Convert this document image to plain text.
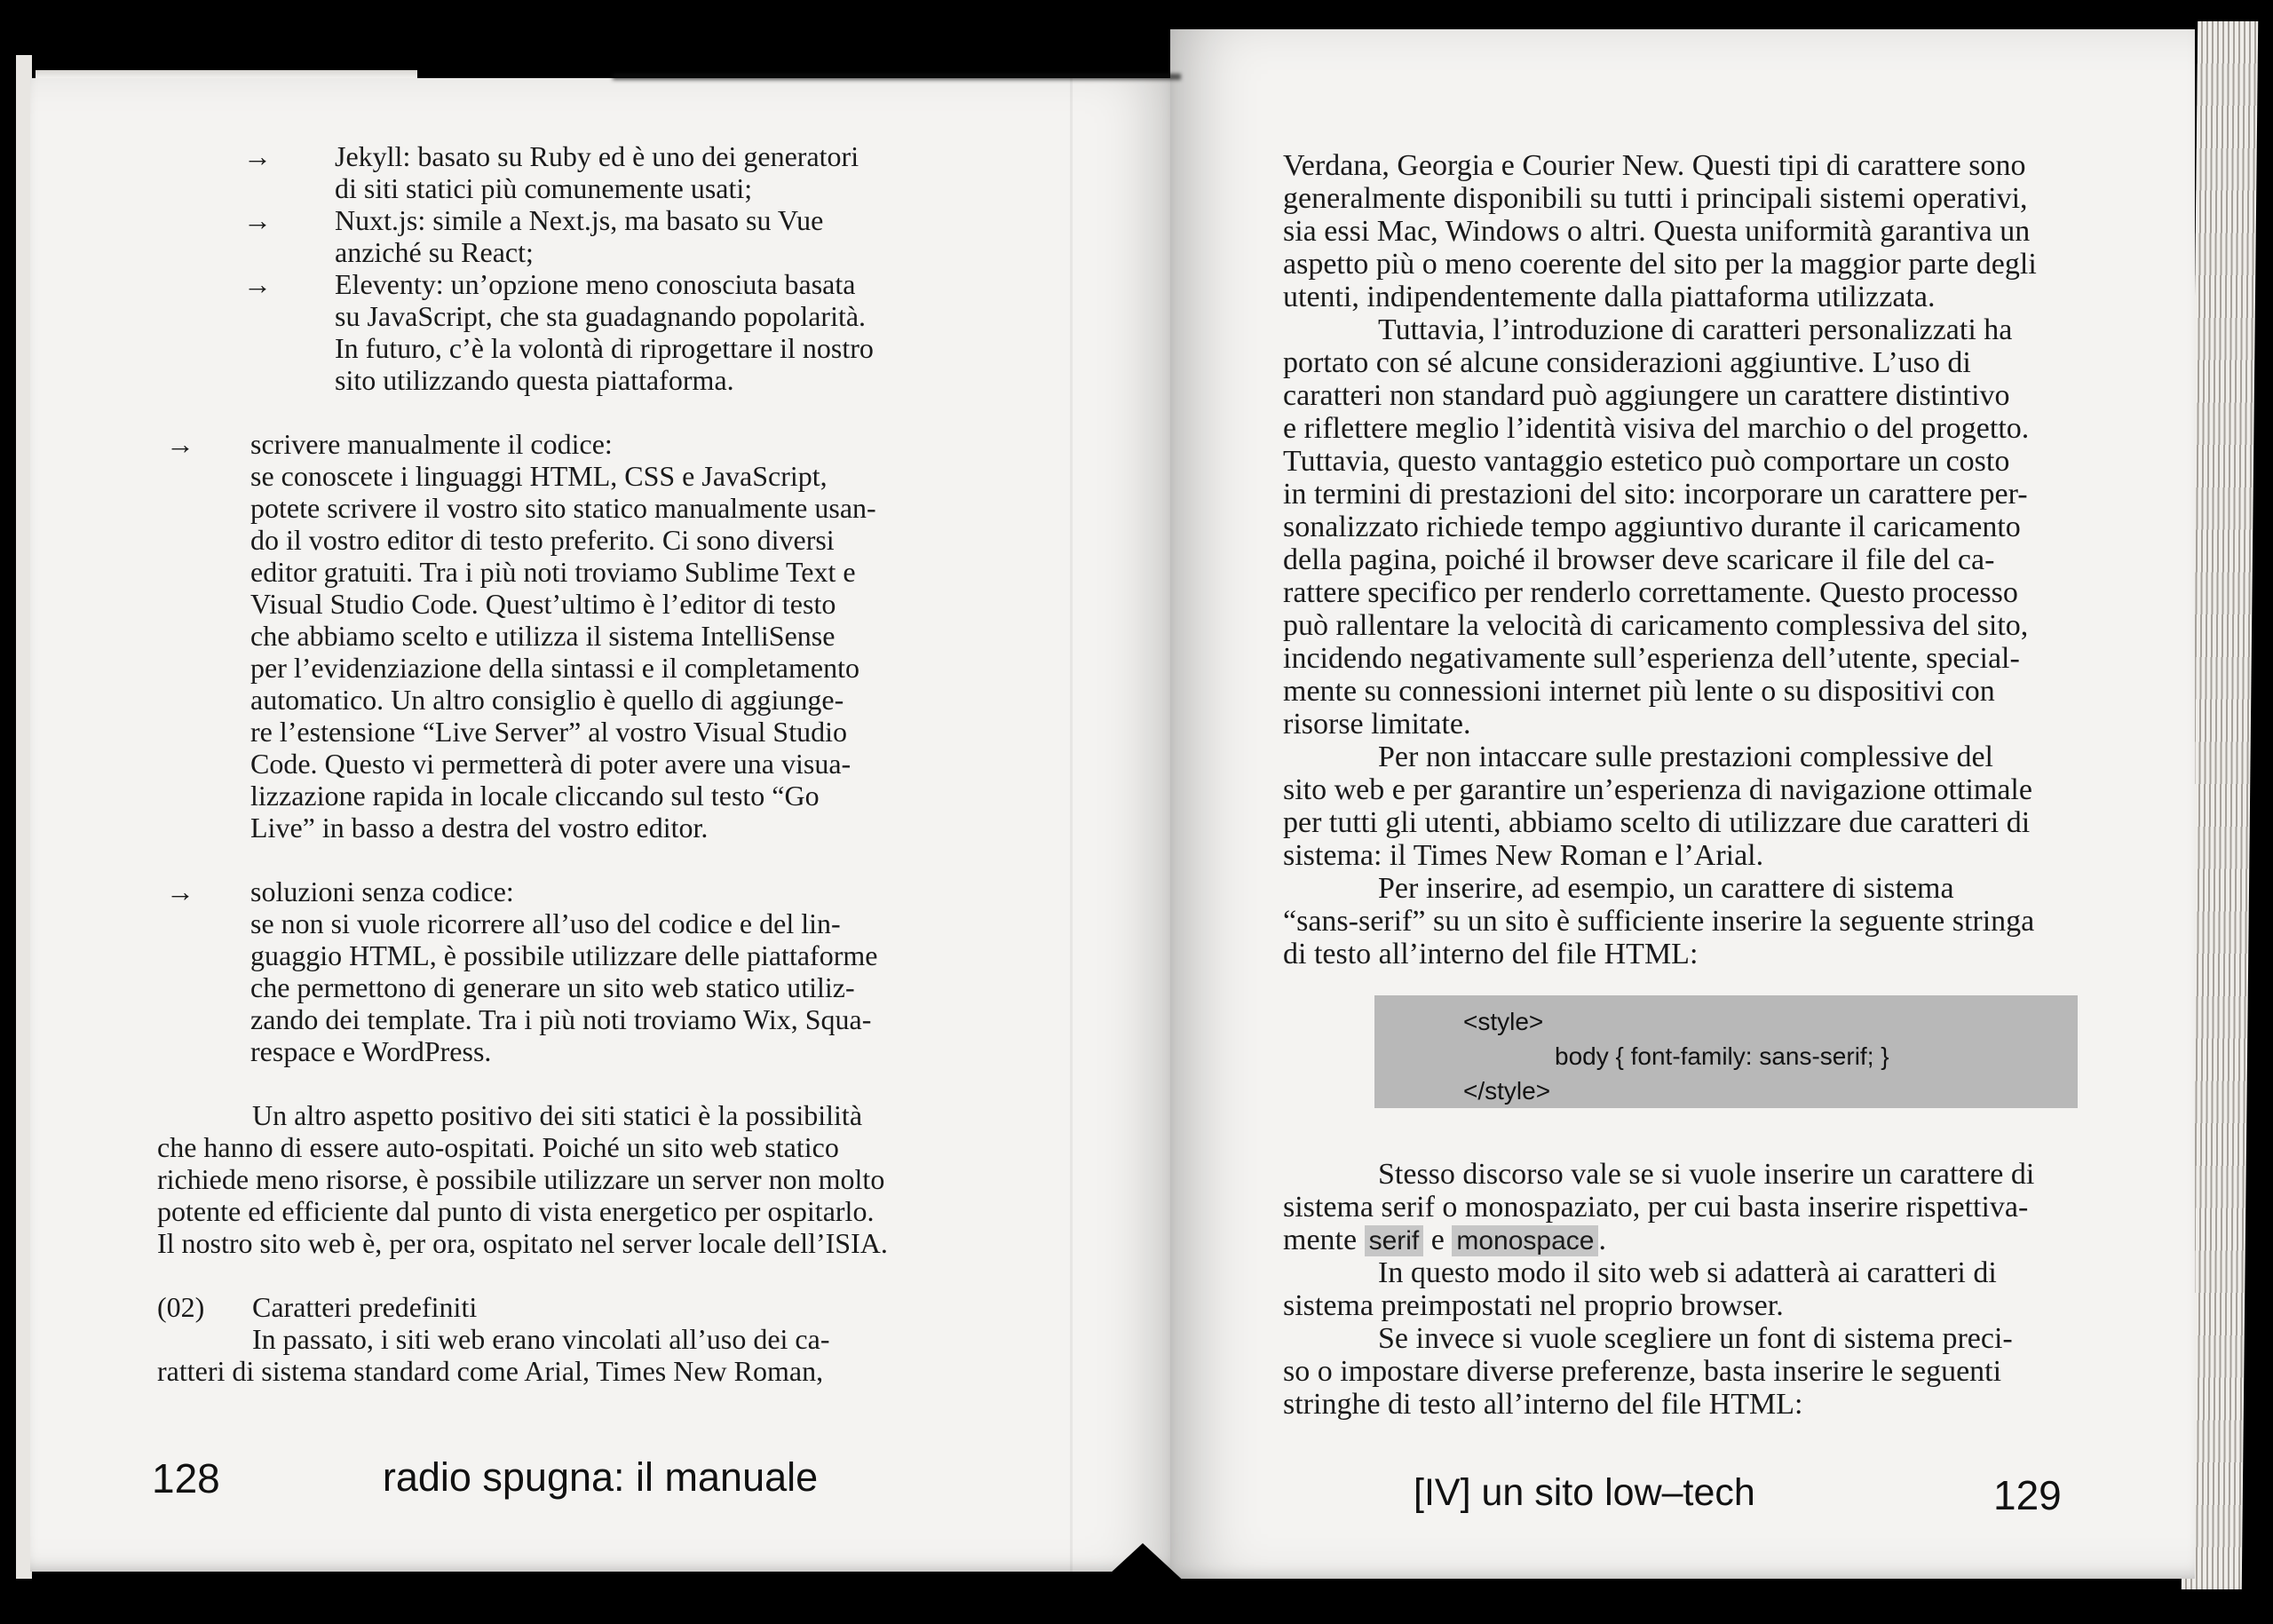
→	Jekyll: basato su Ruby ed è uno dei generatori
di siti statici più comunemente usati;
→	Nuxt.js: simile a Next.js, ma basato su Vue
anziché su React;
→	Eleventy: un’opzione meno conosciuta basata
su JavaScript, che sta guadagnando popolarità.
In futuro, c’è la volontà di riprogettare il nostro
sito utilizzando questa piattaforma.
→	scrivere manualmente il codice:
se conoscete i linguaggi HTML, CSS e JavaScript,
potete scrivere il vostro sito statico manualmente usan-
do il vostro editor di testo preferito. Ci sono diversi
editor gratuiti. Tra i più noti troviamo Sublime Text e
Visual Studio Code. Quest’ultimo è l’editor di testo
che abbiamo scelto e utilizza il sistema IntelliSense
per l’evidenziazione della sintassi e il completamento
automatico. Un altro consiglio è quello di aggiunge-
re l’estensione “Live Server” al vostro Visual Studio
Code. Questo vi permetterà di poter avere una visua-
lizzazione rapida in locale cliccando sul testo “Go
Live” in basso a destra del vostro editor.
→	soluzioni senza codice:
se non si vuole ricorrere all’uso del codice e del lin-
guaggio HTML, è possibile utilizzare delle piattaforme
che permettono di generare un sito web statico utiliz-
zando dei template. Tra i più noti troviamo Wix, Squa-
respace e WordPress.
Un altro aspetto positivo dei siti statici è la possibilità
che hanno di essere auto-ospitati. Poiché un sito web statico
richiede meno risorse, è possibile utilizzare un server non molto
potente ed efficiente dal punto di vista energetico per ospitarlo.
Il nostro sito web è, per ora, ospitato nel server locale dell’ISIA.
(02)	Caratteri predefiniti
In passato, i siti web erano vincolati all’uso dei ca-
ratteri di sistema standard come Arial, Times New Roman,
128	radio spugna: il manuale
Verdana, Georgia e Courier New. Questi tipi di carattere sono
generalmente disponibili su tutti i principali sistemi operativi,
sia essi Mac, Windows o altri. Questa uniformità garantiva un
aspetto più o meno coerente del sito per la maggior parte degli
utenti, indipendentemente dalla piattaforma utilizzata.
Tuttavia, l’introduzione di caratteri personalizzati ha
portato con sé alcune considerazioni aggiuntive. L’uso di
caratteri non standard può aggiungere un carattere distintivo
e riflettere meglio l’identità visiva del marchio o del progetto.
Tuttavia, questo vantaggio estetico può comportare un costo
in termini di prestazioni del sito: incorporare un carattere per-
sonalizzato richiede tempo aggiuntivo durante il caricamento
della pagina, poiché il browser deve scaricare il file del ca-
rattere specifico per renderlo correttamente. Questo processo
può rallentare la velocità di caricamento complessiva del sito,
incidendo negativamente sull’esperienza dell’utente, special-
mente su connessioni internet più lente o su dispositivi con
risorse limitate.
Per non intaccare sulle prestazioni complessive del
sito web e per garantire un’esperienza di navigazione ottimale
per tutti gli utenti, abbiamo scelto di utilizzare due caratteri di
sistema: il Times New Roman e l’Arial.
Per inserire, ad esempio, un carattere di sistema
“sans-serif” su un sito è sufficiente inserire la seguente stringa
di testo all’interno del file HTML:
<style>
body { font-family: sans-serif; }
</style>
Stesso discorso vale se si vuole inserire un carattere di
sistema serif o monospaziato, per cui basta inserire rispettiva-
mente serif e monospace .
In questo modo il sito web si adatterà ai caratteri di
sistema preimpostati nel proprio browser.
Se invece si vuole scegliere un font di sistema preci-
so o impostare diverse preferenze, basta inserire le seguenti
stringhe di testo all’interno del file HTML:
[IV] un sito low–tech	129
